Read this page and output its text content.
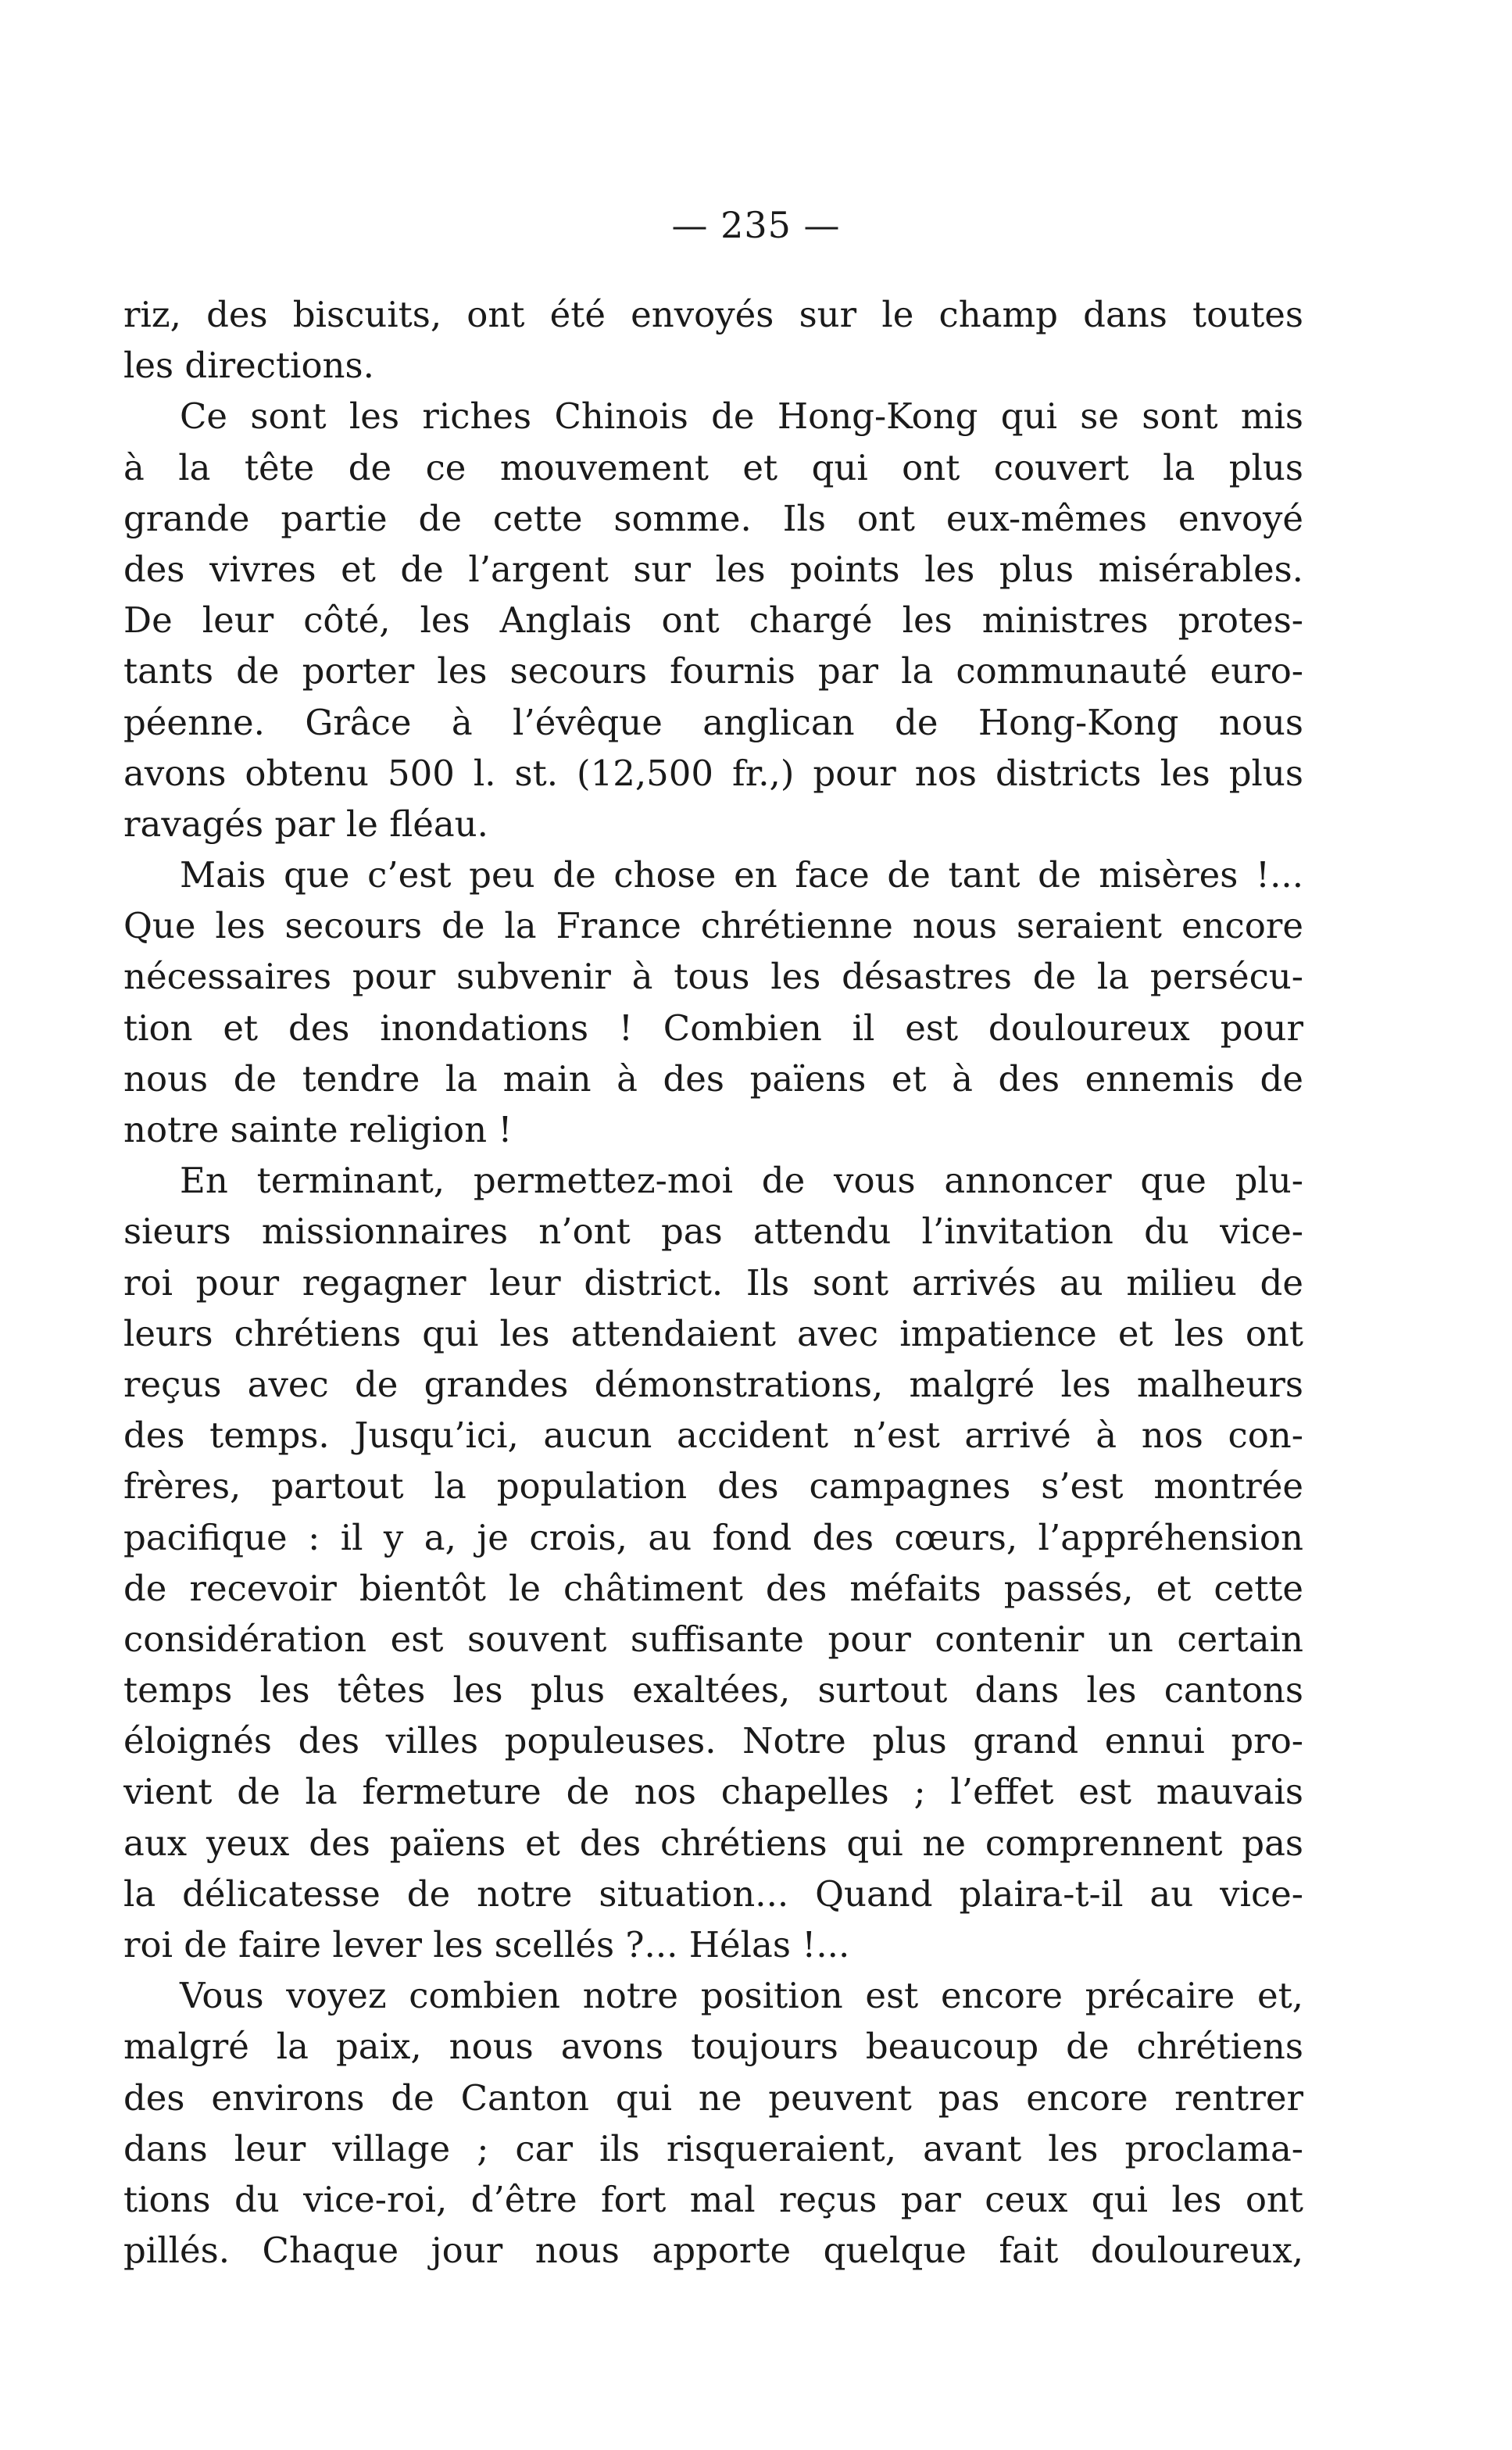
— 235 —
riz, des biscuits, ont été envoyés sur le champ dans toutes
les directions.
Ce sont les riches Chinois de Hong-Kong qui se sont mis
à la tête de ce mouvement et qui ont couvert la plus
grande partie de cette somme. Ils ont eux-mêmes envoyé
des vivres et de l’argent sur les points les plus misérables.
De leur côté, les Anglais ont chargé les ministres protes-
tants de porter les secours fournis par la communauté euro-
péenne. Grâce à l’évêque anglican de Hong-Kong nous
avons obtenu 500 l. st. (12,500 fr.,) pour nos districts les plus
ravagés par le fléau.
Mais que c’est peu de chose en face de tant de misères !...
Que les secours de la France chrétienne nous seraient encore
nécessaires pour subvenir à tous les désastres de la persécu-
tion et des inondations ! Combien il est douloureux pour
nous de tendre la main à des païens et à des ennemis de
notre sainte religion !
En terminant, permettez-moi de vous annoncer que plu-
sieurs missionnaires n’ont pas attendu l’invitation du vice-
roi pour regagner leur district. Ils sont arrivés au milieu de
leurs chrétiens qui les attendaient avec impatience et les ont
reçus avec de grandes démonstrations, malgré les malheurs
des temps. Jusqu’ici, aucun accident n’est arrivé à nos con-
frères, partout la population des campagnes s’est montrée
pacifique : il y a, je crois, au fond des cœurs, l’appréhension
de recevoir bientôt le châtiment des méfaits passés, et cette
considération est souvent suffisante pour contenir un certain
temps les têtes les plus exaltées, surtout dans les cantons
éloignés des villes populeuses. Notre plus grand ennui pro-
vient de la fermeture de nos chapelles ; l’effet est mauvais
aux yeux des païens et des chrétiens qui ne comprennent pas
la délicatesse de notre situation... Quand plaira-t-il au vice-
roi de faire lever les scellés ?... Hélas !...
Vous voyez combien notre position est encore précaire et,
malgré la paix, nous avons toujours beaucoup de chrétiens
des environs de Canton qui ne peuvent pas encore rentrer
dans leur village ; car ils risqueraient, avant les proclama-
tions du vice-roi, d’être fort mal reçus par ceux qui les ont
pillés. Chaque jour nous apporte quelque fait douloureux,
